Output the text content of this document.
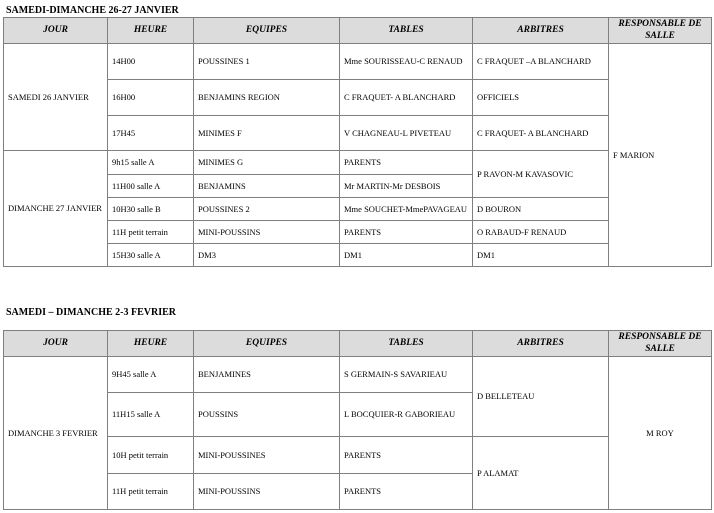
SAMEDI-DIMANCHE 26-27 JANVIER
JOUR	HEURE	EQUIPES	TABLES	ARBITRES	RESPONSABLE DE SALLE
SAMEDI 26 JANVIER	14H00	POUSSINES 1	Mme SOURISSEAU-C RENAUD	C FRAQUET –A BLANCHARD	F MARION
	16H00	BENJAMINS REGION	C FRAQUET- A BLANCHARD	OFFICIELS	
	17H45	MINIMES F	V CHAGNEAU-L PIVETEAU	C FRAQUET- A BLANCHARD	
DIMANCHE 27 JANVIER	9h15 salle A	MINIMES G	PARENTS	P RAVON-M KAVASOVIC	
	11H00 salle A	BENJAMINS	Mr MARTIN-Mr DESBOIS		
	10H30 salle B	POUSSINES 2	Mme SOUCHET-MmePAVAGEAU	D BOURON	
	11H petit terrain	MINI-POUSSINS	PARENTS	O RABAUD-F RENAUD	
	15H30 salle A	DM3	DM1	DM1	
SAMEDI – DIMANCHE 2-3 FEVRIER
JOUR	HEURE	EQUIPES	TABLES	ARBITRES	RESPONSABLE DE SALLE
DIMANCHE 3 FEVRIER	9H45 salle A	BENJAMINES	S GERMAIN-S SAVARIEAU	D BELLETEAU	M ROY
	11H15 salle A	POUSSINS	L BOCQUIER-R GABORIEAU		
	10H petit terrain	MINI-POUSSINES	PARENTS	P ALAMAT	
	11H petit terrain	MINI-POUSSINS	PARENTS		
